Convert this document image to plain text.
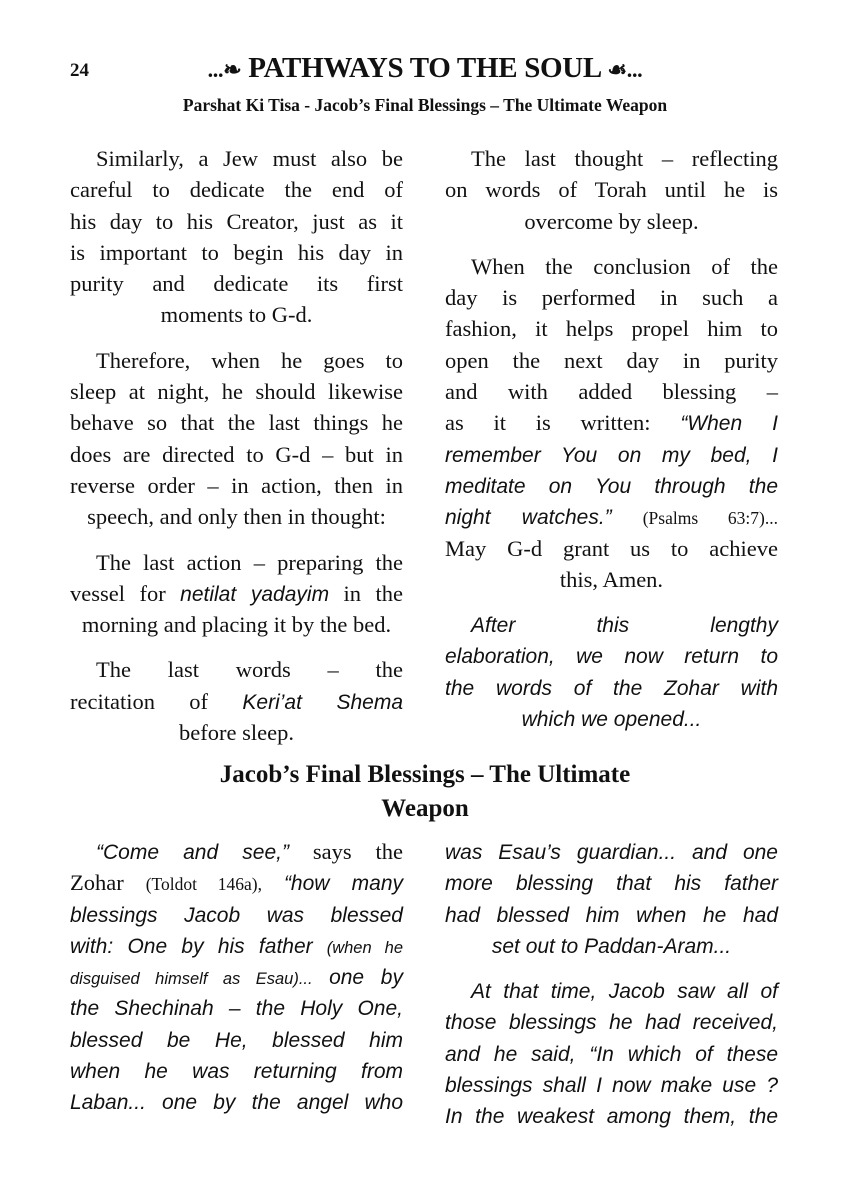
24	...❧ PATHWAYS TO THE SOUL ☙...
Parshat Ki Tisa - Jacob’s Final Blessings – The Ultimate Weapon
Similarly, a Jew must also be
careful to dedicate the end of
his day to his Creator, just as it
is important to begin his day in
purity and dedicate its first
moments to G-d.
Therefore, when he goes to
sleep at night, he should likewise
behave so that the last things he
does are directed to G-d – but in
reverse order – in action, then in
speech, and only then in thought:
The last action – preparing the
vessel for netilat yadayim in the
morning and placing it by the bed.
The last words – the
recitation of Keri’at Shema
before sleep.
The last thought – reflecting
on words of Torah until he is
overcome by sleep.
When the conclusion of the
day is performed in such a
fashion, it helps propel him to
open the next day in purity
and with added blessing –
as it is written: “When I
remember You on my bed, I
meditate on You through the
night watches.” (Psalms 63:7)...
May G-d grant us to achieve
this, Amen.
After this lengthy
elaboration, we now return to
the words of the Zohar with
which we opened...
Jacob’s Final Blessings – The Ultimate
Weapon
“Come and see,” says the
Zohar (Toldot 146a), “how many
blessings Jacob was blessed
with: One by his father (when he
disguised himself as Esau)... one by
the Shechinah – the Holy One,
blessed be He, blessed him
when he was returning from
Laban... one by the angel who
was Esau’s guardian... and one
more blessing that his father
had blessed him when he had
set out to Paddan-Aram...
At that time, Jacob saw all of
those blessings he had received,
and he said, “In which of these
blessings shall I now make use ?
In the weakest among them, the
